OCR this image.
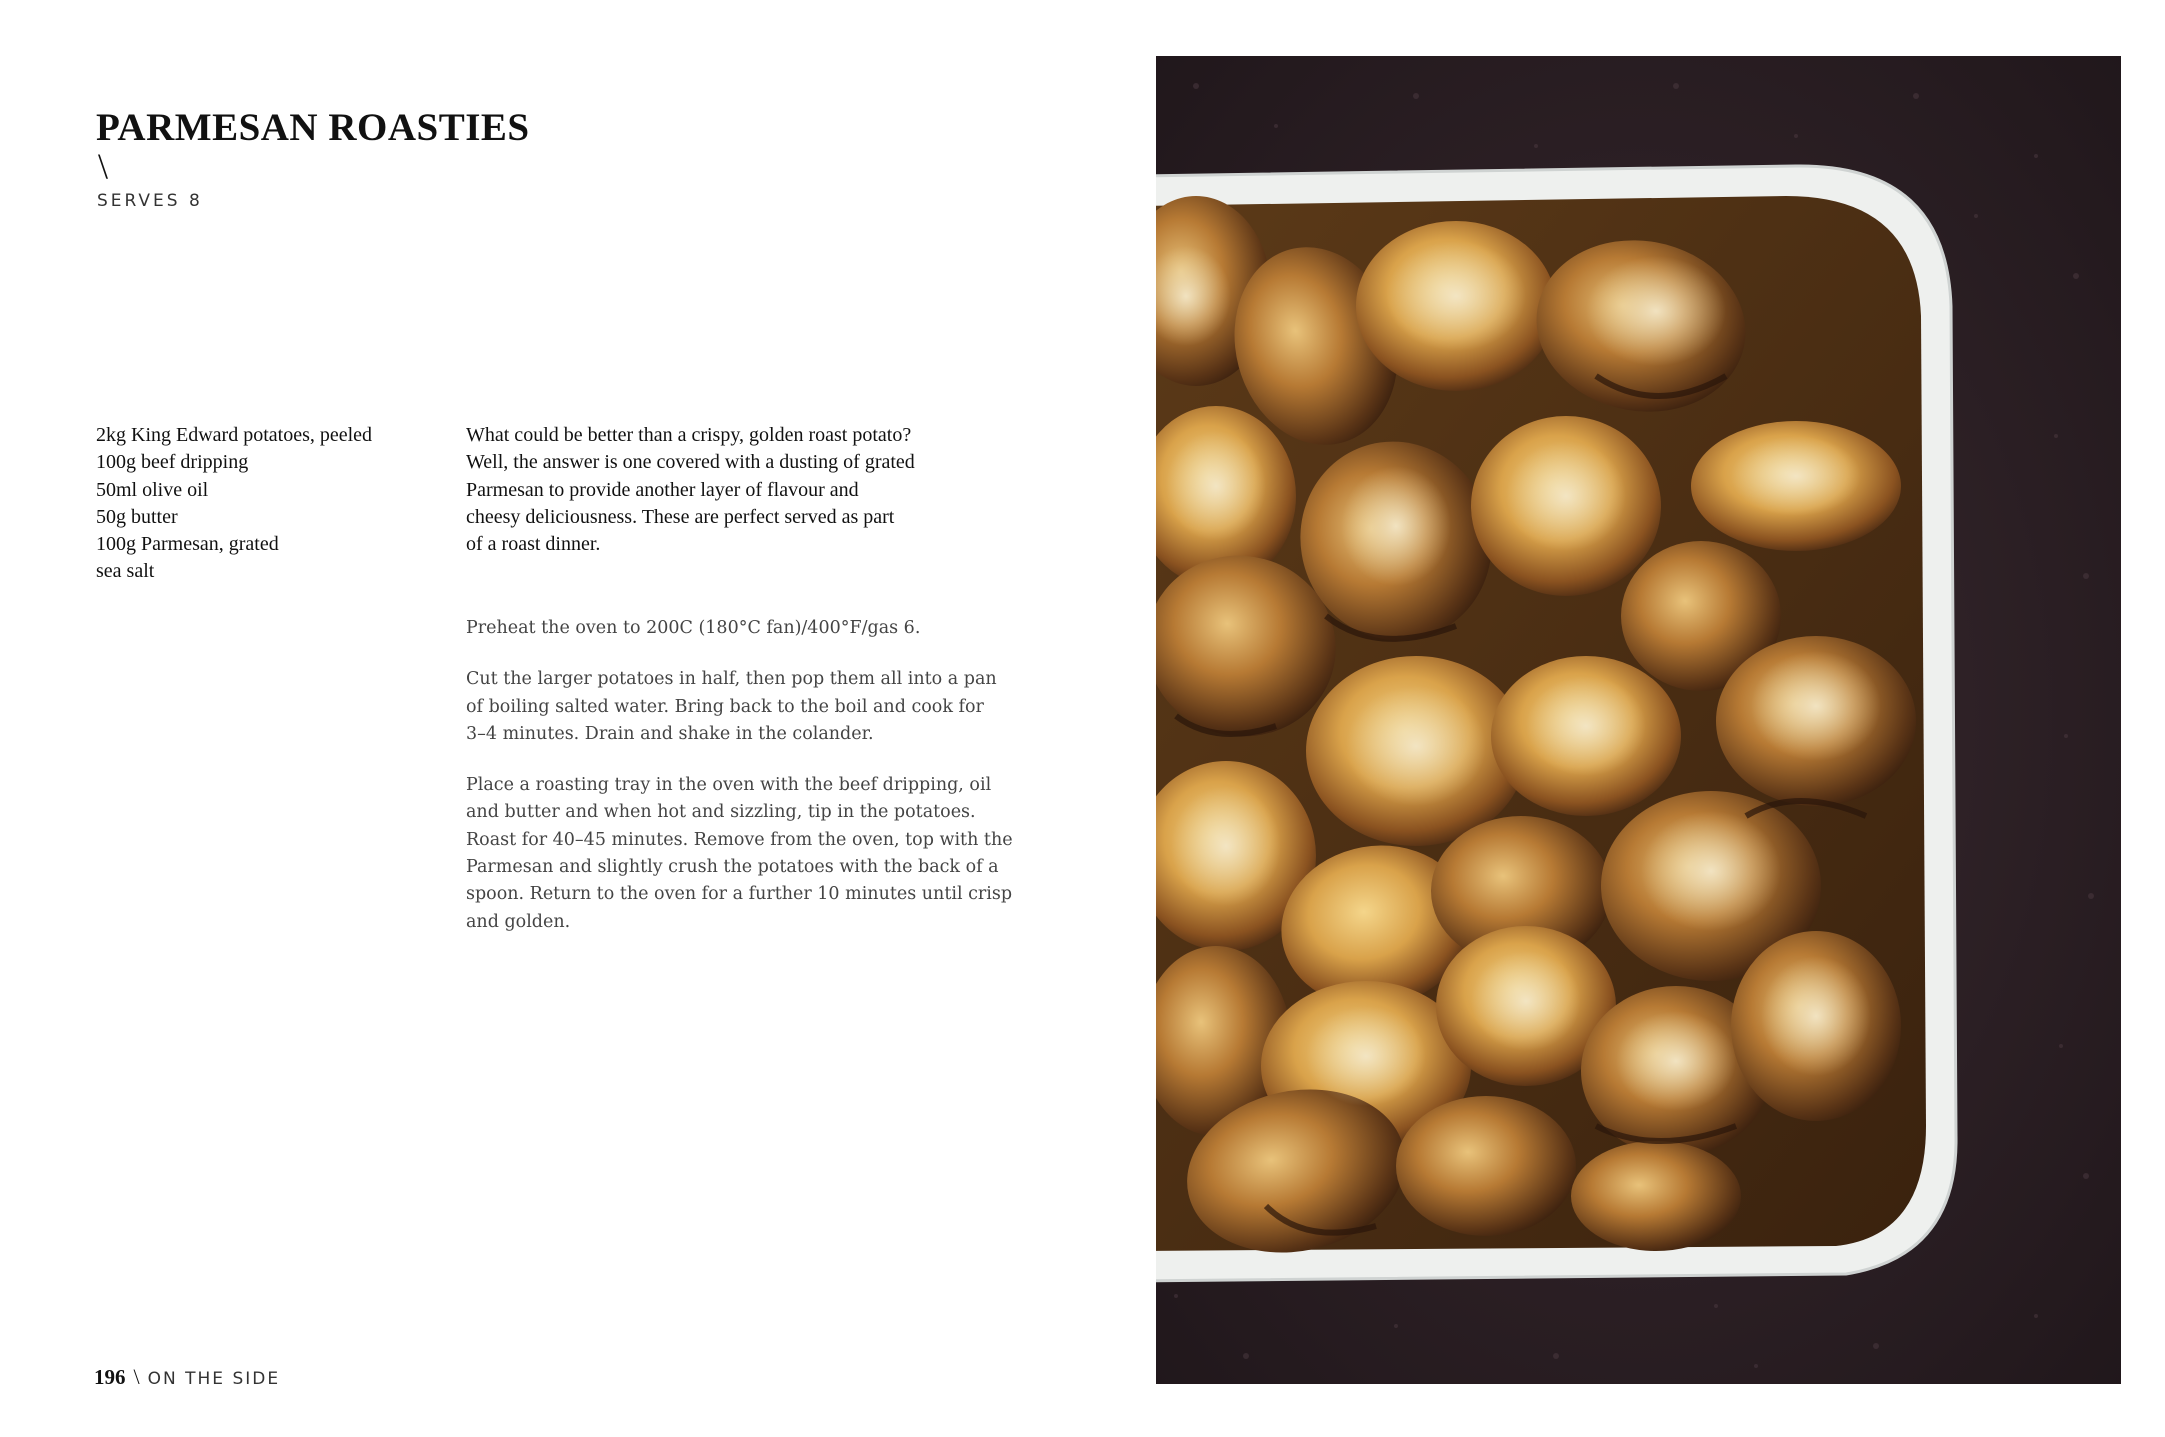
PARMESAN ROASTIES
\
SERVES 8
2kg King Edward potatoes, peeled
100g beef dripping
50ml olive oil
50g butter
100g Parmesan, grated
sea salt

What could be better than a crispy, golden roast potato?
Well, the answer is one covered with a dusting of grated
Parmesan to provide another layer of flavour and
cheesy deliciousness. These are perfect served as part
of a roast dinner.

Preheat the oven to 200C (180°C fan)/400°F/gas 6.

Cut the larger potatoes in half, then pop them all into a pan
of boiling salted water. Bring back to the boil and cook for
3–4 minutes. Drain and shake in the colander.

Place a roasting tray in the oven with the beef dripping, oil
and butter and when hot and sizzling, tip in the potatoes.
Roast for 40–45 minutes. Remove from the oven, top with the
Parmesan and slightly crush the potatoes with the back of a
spoon. Return to the oven for a further 10 minutes until crisp
and golden.

196 \ ON THE SIDE
